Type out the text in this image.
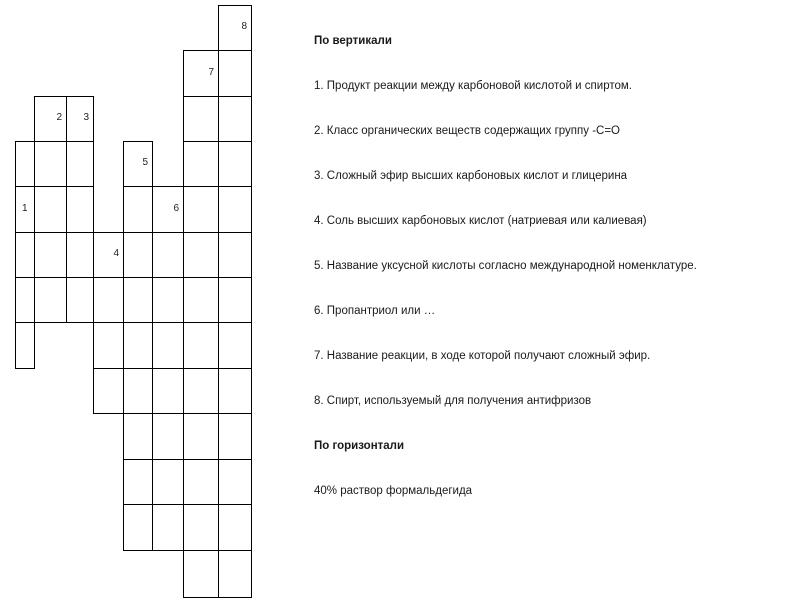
1
2 3
4
5
6
7
8
По вертикали
1. Продукт реакции между карбоновой кислотой и спиртом.
2. Класс органических веществ содержащих группу -С=О
3. Сложный эфир высших карбоновых кислот и глицерина
4. Соль высших карбоновых кислот (натриевая или калиевая)
5. Название уксусной кислоты согласно международной номенклатуре.
6. Пропантриол или …
7. Название реакции, в ходе которой получают сложный эфир.
8. Спирт, используемый для получения антифризов
По горизонтали
40% раствор формальдегида
